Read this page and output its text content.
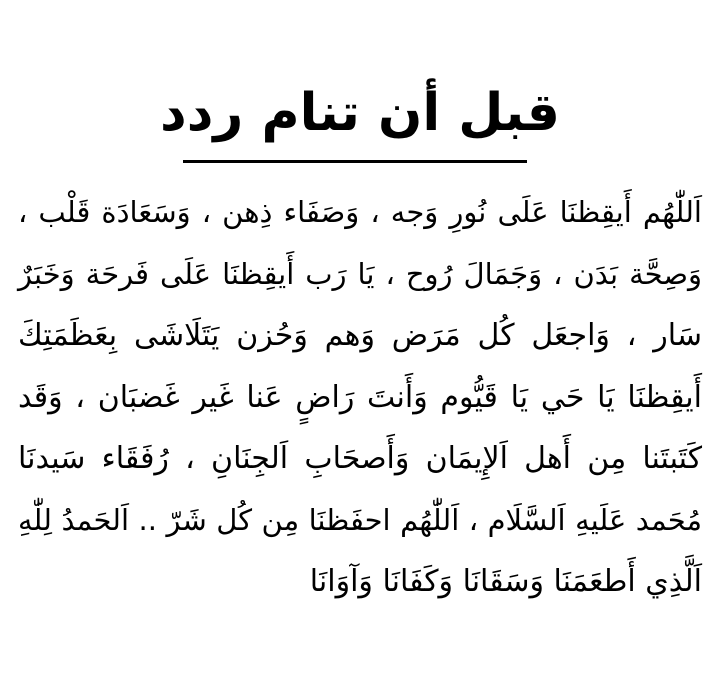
قبل أن تنام ردد
اَللّٰهُم أَيقِظنَا عَلَى نُورِ وَجه ، وَصَفَاء ذِهن ، وَسَعَادَة قَلْب ،
وَصِحَّة بَدَن ، وَجَمَالَ رُوح ، يَا رَب أَيقِظنَا عَلَى فَرحَة وَخَبَرٌ
سَار ، وَاجعَل كُل مَرَض وَهم وَحُزن يَتَلَاشَى بِعَظَمَتِكَ
أَيقِظنَا يَا حَي يَا قَيُّوم وَأَنتَ رَاضٍ عَنا غَير غَضبَان ، وَقَد
كَتَبتَنا مِن أَهل اَلإِيمَان وَأَصحَابِ اَلجِنَانِ ، رُفَقَاء سَيدنَا
مُحَمد عَلَيهِ اَلسَّلَام ، اَللّٰهُم احفَظنَا مِن كُل شَرّ .. اَلحَمدُ لِلّٰهِ
اَلَّذِي أَطعَمَنَا وَسَقَانَا وَكَفَانَا وَآوَانَا
